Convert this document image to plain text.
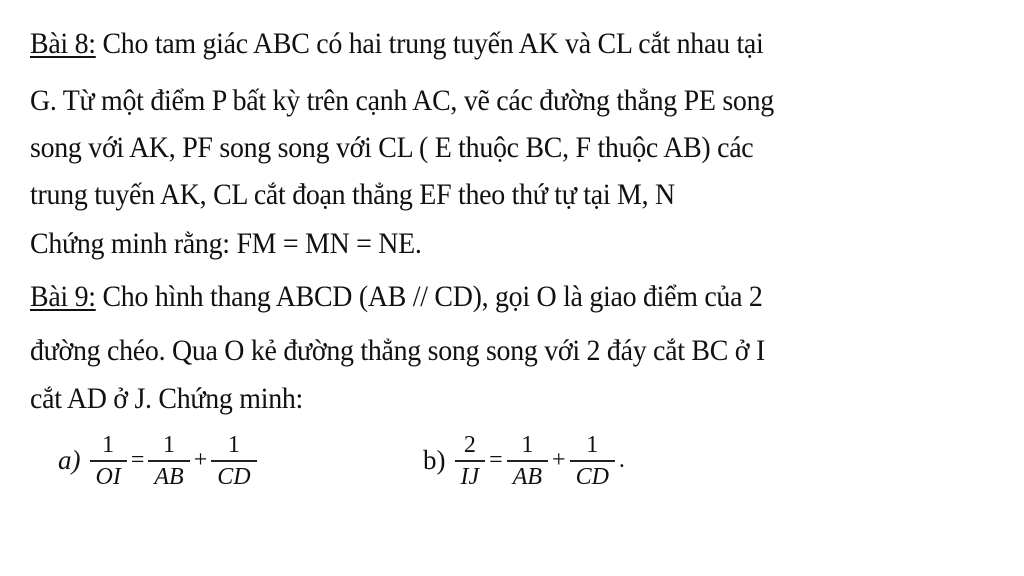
Bài 8: Cho tam giác ABC có hai trung tuyến AK và CL cắt nhau tại
G. Từ một điểm P bất kỳ trên cạnh AC, vẽ các đường thẳng PE song
song với AK, PF song song với CL ( E thuộc BC, F thuộc AB) các
trung tuyến AK, CL cắt đoạn thẳng EF theo thứ tự tại M, N
Chứng minh rằng: FM = MN = NE.
Bài 9: Cho hình thang ABCD (AB // CD), gọi O là giao điểm của 2
đường chéo. Qua O kẻ đường thẳng song song với 2 đáy cắt BC ở I
cắt AD ở J. Chứng minh:
$a) \frac{1}{OI} = \frac{1}{AB} + \frac{1}{CD}$	$b) \frac{2}{IJ} = \frac{1}{AB} + \frac{1}{CD}$ .
